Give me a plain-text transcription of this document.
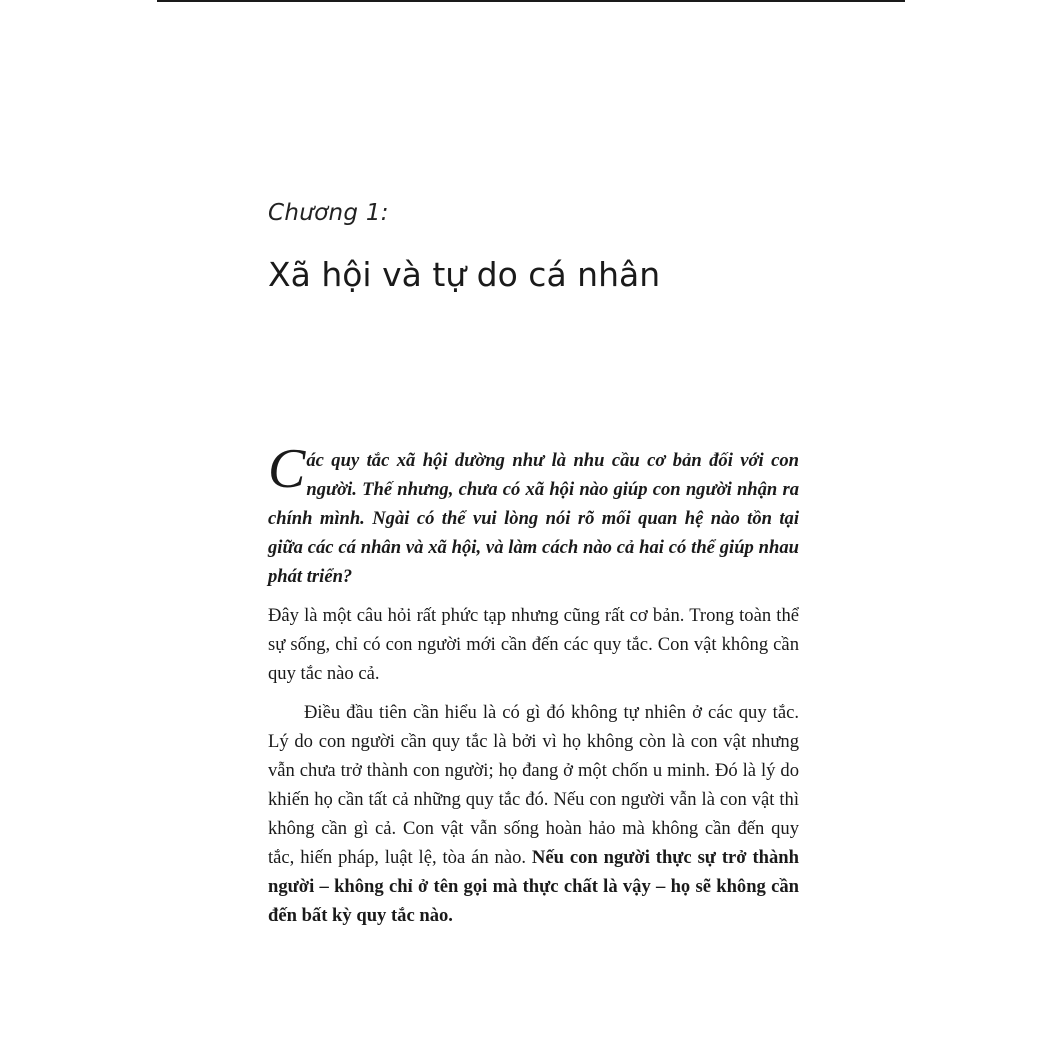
Chương 1:
Xã hội và tự do cá nhân

Các quy tắc xã hội dường như là nhu cầu cơ bản đối với con người. Thế nhưng, chưa có xã hội nào giúp con người nhận ra chính mình. Ngài có thể vui lòng nói rõ mối quan hệ nào tồn tại giữa các cá nhân và xã hội, và làm cách nào cả hai có thể giúp nhau phát triển?

Đây là một câu hỏi rất phức tạp nhưng cũng rất cơ bản. Trong toàn thể sự sống, chỉ có con người mới cần đến các quy tắc. Con vật không cần quy tắc nào cả.

Điều đầu tiên cần hiểu là có gì đó không tự nhiên ở các quy tắc. Lý do con người cần quy tắc là bởi vì họ không còn là con vật nhưng vẫn chưa trở thành con người; họ đang ở một chốn u minh. Đó là lý do khiến họ cần tất cả những quy tắc đó. Nếu con người vẫn là con vật thì không cần gì cả. Con vật vẫn sống hoàn hảo mà không cần đến quy tắc, hiến pháp, luật lệ, tòa án nào. Nếu con người thực sự trở thành người – không chỉ ở tên gọi mà thực chất là vậy – họ sẽ không cần đến bất kỳ quy tắc nào.
